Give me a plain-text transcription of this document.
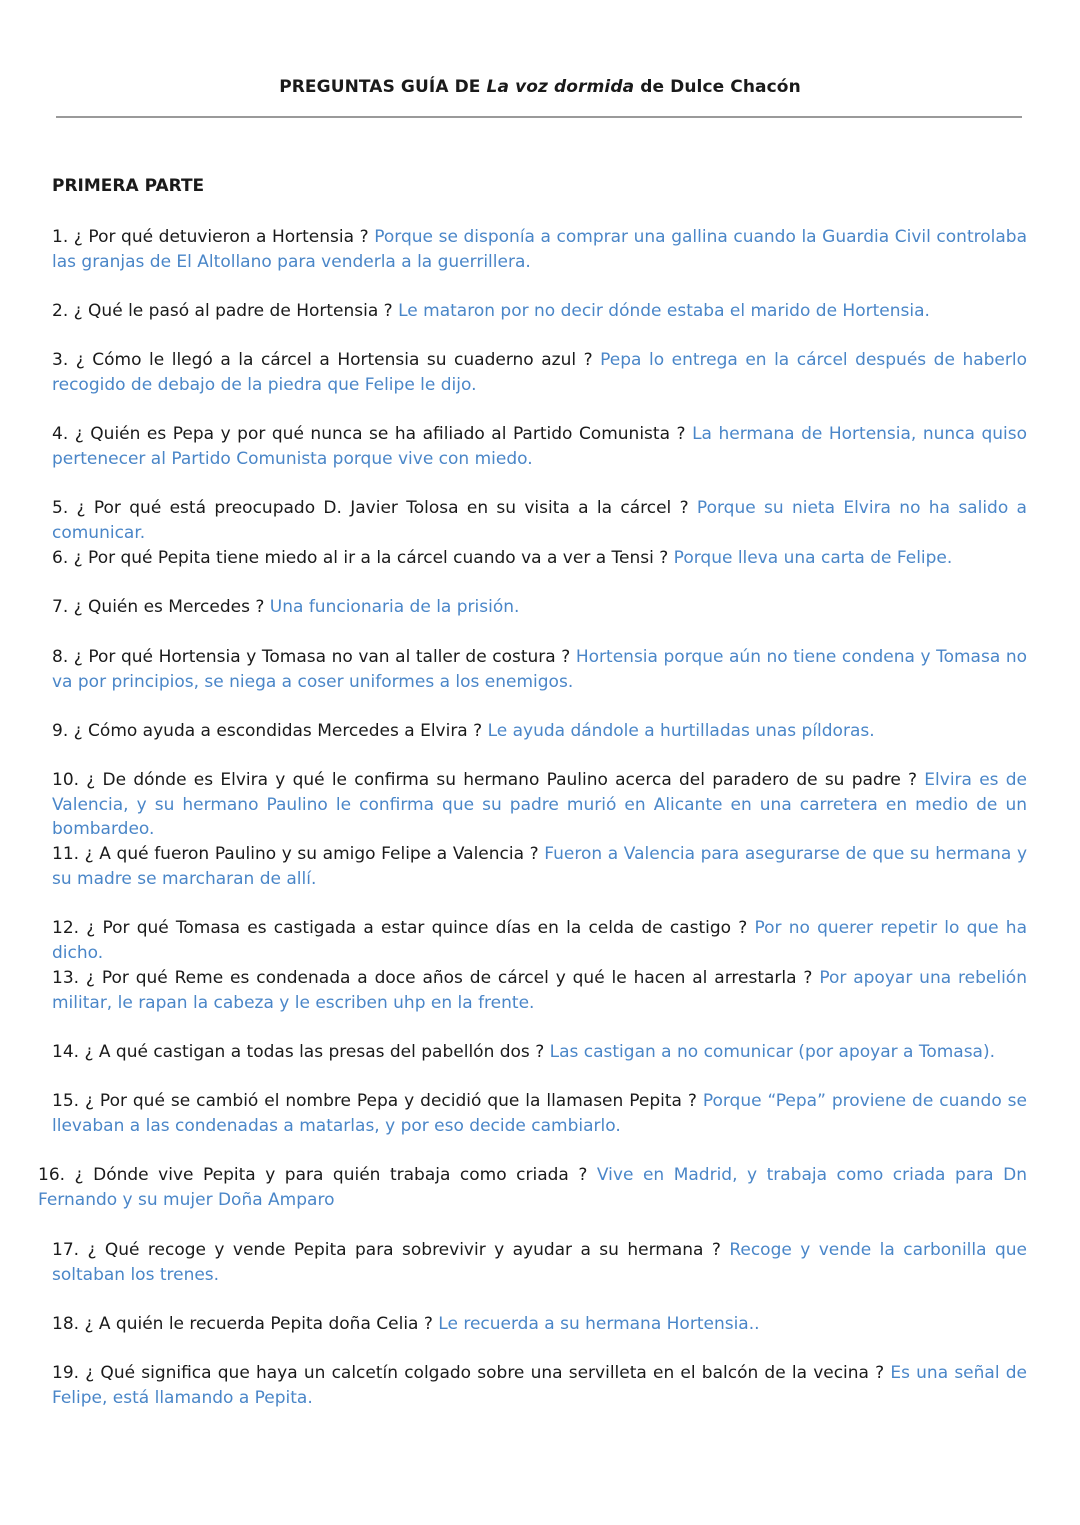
PREGUNTAS GUÍA DE La voz dormida de Dulce Chacón
PRIMERA PARTE

1. ¿ Por qué detuvieron a Hortensia ? Porque se disponía a comprar una gallina cuando la Guardia Civil controlaba las granjas de El Altollano para venderla a la guerrillera.

2. ¿ Qué le pasó al padre de Hortensia ? Le mataron por no decir dónde estaba el marido de Hortensia.

3. ¿ Cómo le llegó a la cárcel a Hortensia su cuaderno azul ? Pepa lo entrega en la cárcel después de haberlo recogido de debajo de la piedra que Felipe le dijo.

4. ¿ Quién es Pepa y por qué nunca se ha afiliado al Partido Comunista ? La hermana de Hortensia, nunca quiso pertenecer al Partido Comunista porque vive con miedo.

5. ¿ Por qué está preocupado D. Javier Tolosa en su visita a la cárcel ? Porque su nieta Elvira no ha salido a comunicar.

6. ¿ Por qué Pepita tiene miedo al ir a la cárcel cuando va a ver a Tensi ? Porque lleva una carta de Felipe.

7. ¿ Quién es Mercedes ? Una funcionaria de la prisión.

8. ¿ Por qué Hortensia y Tomasa no van al taller de costura ? Hortensia porque aún no tiene condena y Tomasa no va por principios, se niega a coser uniformes a los enemigos.

9. ¿ Cómo ayuda a escondidas Mercedes a Elvira ? Le ayuda dándole a hurtilladas unas píldoras.

10. ¿ De dónde es Elvira y qué le confirma su hermano Paulino acerca del paradero de su padre ? Elvira es de Valencia, y su hermano Paulino le confirma que su padre murió en Alicante en una carretera en medio de un bombardeo.

11. ¿ A qué fueron Paulino y su amigo Felipe a Valencia ? Fueron a Valencia para asegurarse de que su hermana y su madre se marcharan de allí.

12. ¿ Por qué Tomasa es castigada a estar quince días en la celda de castigo ? Por no querer repetir lo que ha dicho.

13. ¿ Por qué Reme es condenada a doce años de cárcel y qué le hacen al arrestarla ? Por apoyar una rebelión militar, le rapan la cabeza y le escriben uhp en la frente.

14. ¿ A qué castigan a todas las presas del pabellón dos ? Las castigan a no comunicar (por apoyar a Tomasa).

15. ¿ Por qué se cambió el nombre Pepa y decidió que la llamasen Pepita ? Porque “Pepa” proviene de cuando se llevaban a las condenadas a matarlas, y por eso decide cambiarlo.

16. ¿ Dónde vive Pepita y para quién trabaja como criada ? Vive en Madrid, y trabaja como criada para Dn Fernando y su mujer Doña Amparo

17. ¿ Qué recoge y vende Pepita para sobrevivir y ayudar a su hermana ? Recoge y vende la carbonilla que soltaban los trenes.

18. ¿ A quién le recuerda Pepita doña Celia ? Le recuerda a su hermana Hortensia..

19. ¿ Qué significa que haya un calcetín colgado sobre una servilleta en el balcón de la vecina ? Es una señal de Felipe, está llamando a Pepita.
